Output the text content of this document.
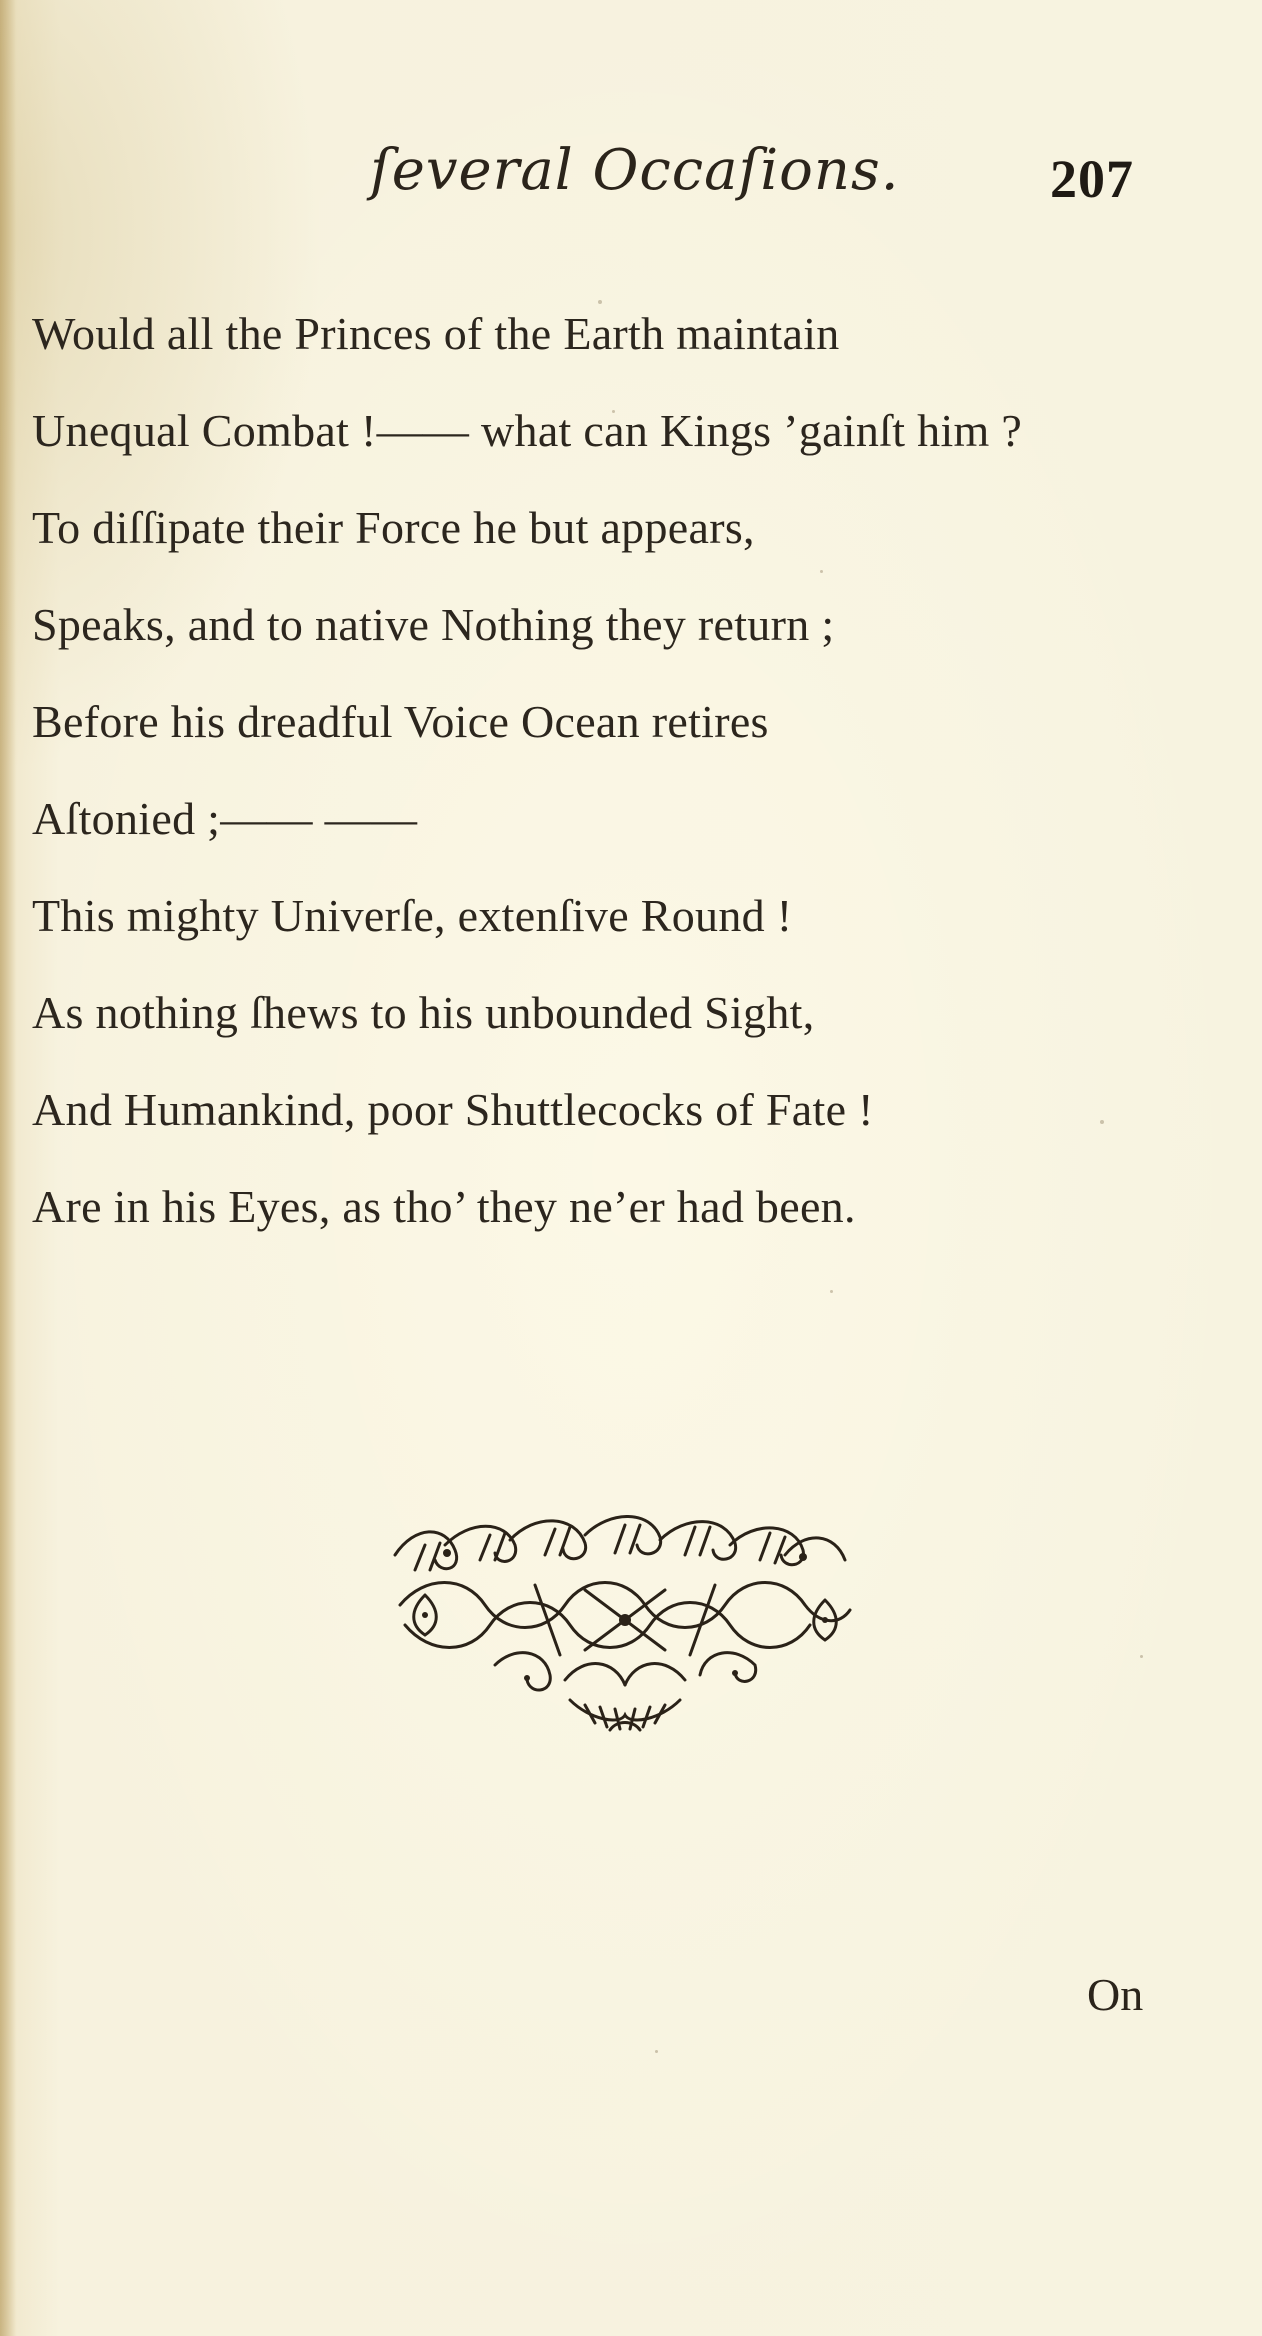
ſeveral Occaſions.	207
Would all the Princes of the Earth maintain
Unequal Combat !—— what can Kings ’gainſt him ?
To diſſipate their Force he but appears,
Speaks, and to native Nothing they return ;
Before his dreadful Voice Ocean retires
Aſtonied ;—— ——
This mighty Univerſe, extenſive Round !
As nothing ſhews to his unbounded Sight,
And Humankind, poor Shuttlecocks of Fate !
Are in his Eyes, as tho’ they ne’er had been.
On
